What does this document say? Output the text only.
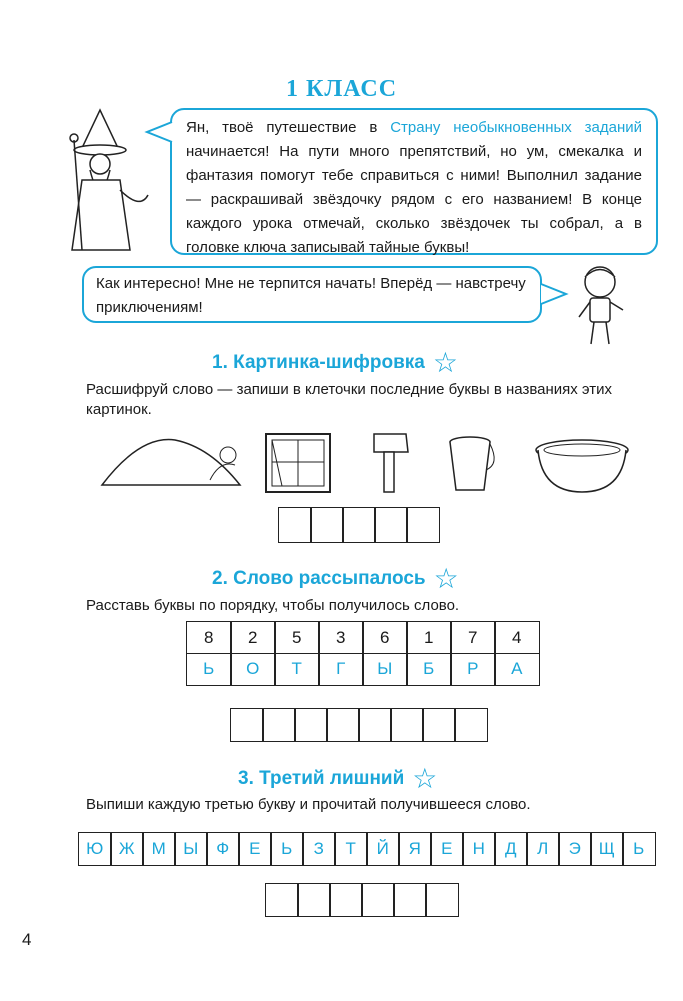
1 КЛАСС
Ян, твоё путешествие в Страну необыкновенных заданий начинается! На пути много препятствий, но ум, смекалка и фантазия помогут тебе справиться с ними! Выполнил задание — раскрашивай звёздочку рядом с его названием! В конце каждого урока отмечай, сколько звёздочек ты собрал, а в головке ключа записывай тайные буквы!
Как интересно! Мне не терпится начать! Вперёд — навстречу приключениям!
1. Картинка-шифровка ☆
Расшифруй слово — запиши в клеточки последние буквы в названиях этих картинок.
2. Слово рассыпалось ☆
Расставь буквы по порядку, чтобы получилось слово.
8	2	5	3	6	1	7	4
Ь	О	Т	Г	Ы	Б	Р	А
3. Третий лишний ☆
Выпиши каждую третью букву и прочитай получившееся слово.
Ю Ж	М	Ы	Ф	Е	Ь	З	Т	Й	Я	Е	Н	Д	Л	Э	Щ	Ь
4
